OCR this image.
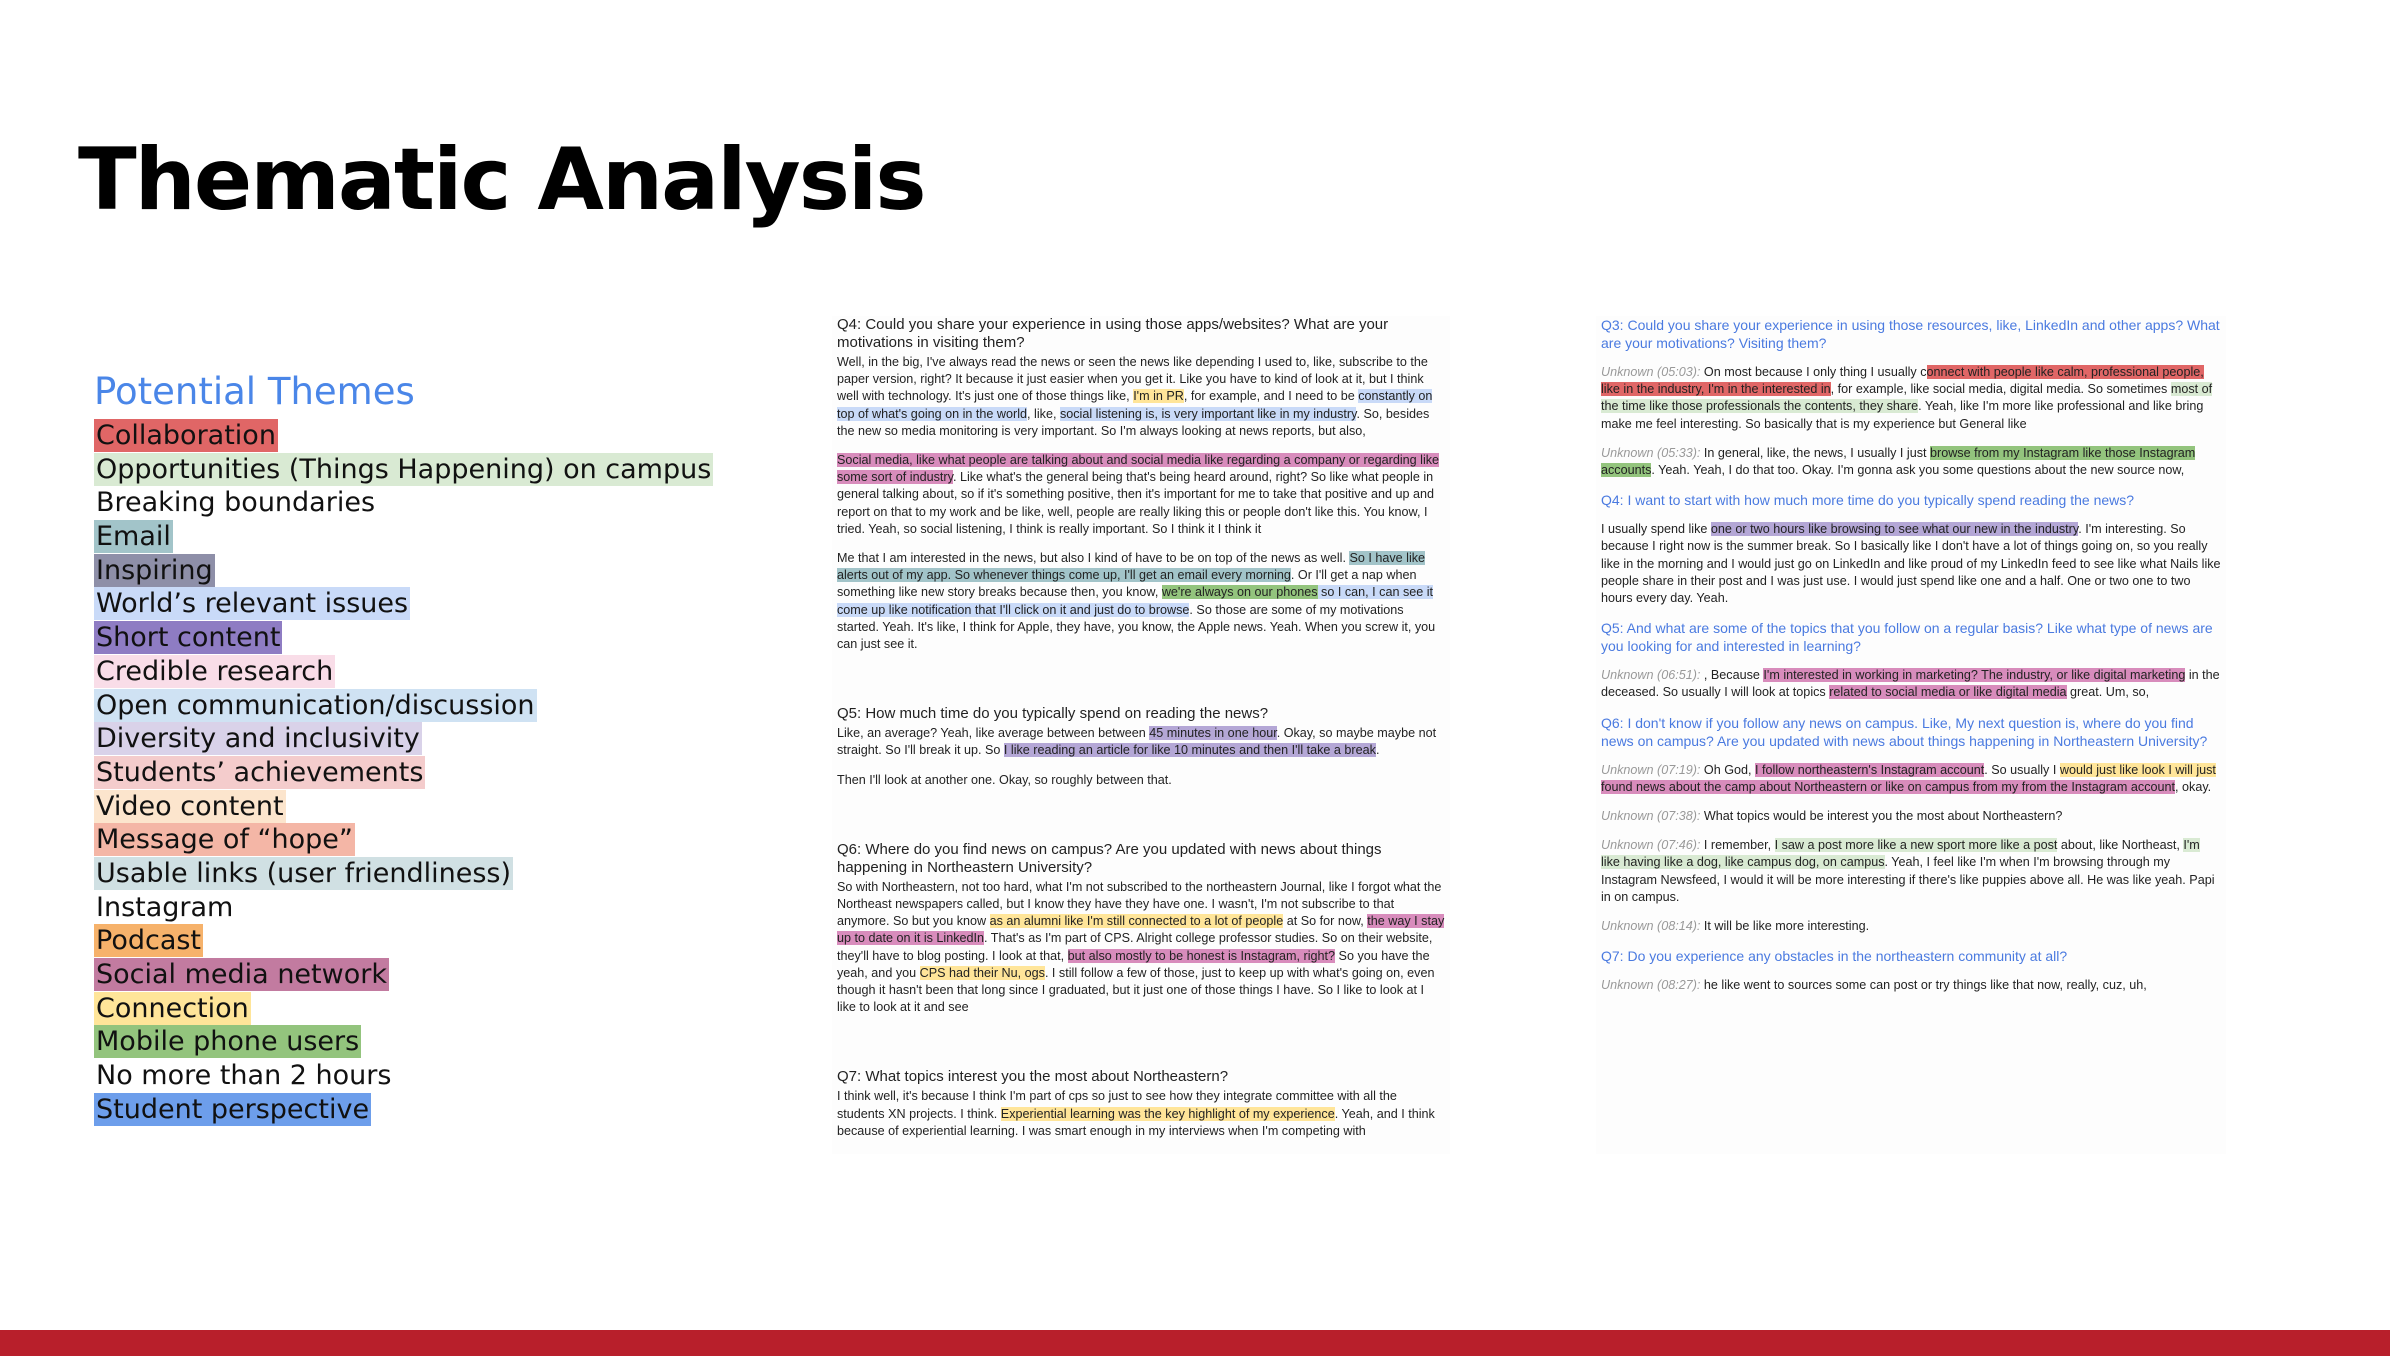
Thematic Analysis
Potential Themes
Collaboration
Opportunities (Things Happening) on campus
Breaking boundaries
Email
Inspiring
World’s relevant issues
Short content
Credible research
Open communication/discussion
Diversity and inclusivity
Students’ achievements
Video content
Message of “hope”
Usable links (user friendliness)
Instagram
Podcast
Social media network
Connection
Mobile phone users
No more than 2 hours
Student perspective
Q4: Could you share your experience in using those apps/websites? What are your motivations in visiting them?
Well, in the big, I've always read the news or seen the news like depending I used to, like, subscribe to the paper version, right? It because it just easier when you get it. Like you have to kind of look at it, but I think well with technology. It's just one of those things like, I'm in PR, for example, and I need to be constantly on top of what's going on in the world, like, social listening is, is very important like in my industry. So, besides the new so media monitoring is very important. So I'm always looking at news reports, but also,
Social media, like what people are talking about and social media like regarding a company or regarding like some sort of industry. Like what's the general being that's being heard around, right? So like what people in general talking about, so if it's something positive, then it's important for me to take that positive and up and report on that to my work and be like, well, people are really liking this or people don't like this. You know, I tried. Yeah, so social listening, I think is really important. So I think it I think it
Me that I am interested in the news, but also I kind of have to be on top of the news as well. So I have like alerts out of my app. So whenever things come up, I'll get an email every morning. Or I'll get a nap when something like new story breaks because then, you know, we're always on our phones so I can, I can see it come up like notification that I'll click on it and just do to browse. So those are some of my motivations started. Yeah. It's like, I think for Apple, they have, you know, the Apple news. Yeah. When you screw it, you can just see it.
Q5: How much time do you typically spend on reading the news?
Like, an average? Yeah, like average between between 45 minutes in one hour. Okay, so maybe maybe not straight. So I'll break it up. So I like reading an article for like 10 minutes and then I'll take a break.
Then I'll look at another one. Okay, so roughly between that.
Q6: Where do you find news on campus? Are you updated with news about things happening in Northeastern University?
So with Northeastern, not too hard, what I'm not subscribed to the northeastern Journal, like I forgot what the Northeast newspapers called, but I know they have they have one. I wasn't, I'm not subscribe to that anymore. So but you know as an alumni like I'm still connected to a lot of people at So for now, the way I stay up to date on it is LinkedIn. That's as I'm part of CPS. Alright college professor studies. So on their website, they'll have to blog posting. I look at that, but also mostly to be honest is Instagram, right? So you have the yeah, and you CPS had their Nu, ogs. I still follow a few of those, just to keep up with what's going on, even though it hasn't been that long since I graduated, but it just one of those things I have. So I like to look at I like to look at it and see
Q7: What topics interest you the most about Northeastern?
I think well, it's because I think I'm part of cps so just to see how they integrate committee with all the students XN projects. I think. Experiential learning was the key highlight of my experience. Yeah, and I think because of experiential learning. I was smart enough in my interviews when I'm competing with
Q3: Could you share your experience in using those resources, like, LinkedIn and other apps? What are your motivations? Visiting them?
Unknown (05:03): On most because I only thing I usually connect with people like calm, professional people, like in the industry, I'm in the interested in, for example, like social media, digital media. So sometimes most of the time like those professionals the contents, they share. Yeah, like I'm more like professional and like bring make me feel interesting. So basically that is my experience but General like
Unknown (05:33): In general, like, the news, I usually I just browse from my Instagram like those Instagram accounts. Yeah. Yeah, I do that too. Okay. I'm gonna ask you some questions about the new source now,
Q4: I want to start with how much more time do you typically spend reading the news?
I usually spend like one or two hours like browsing to see what our new in the industry. I'm interesting. So because I right now is the summer break. So I basically like I don't have a lot of things going on, so you really like in the morning and I would just go on LinkedIn and like proud of my LinkedIn feed to see like what Nails like people share in their post and I was just use. I would just spend like one and a half. One or two one to two hours every day. Yeah.
Q5: And what are some of the topics that you follow on a regular basis? Like what type of news are you looking for and interested in learning?
Unknown (06:51): , Because I'm interested in working in marketing? The industry, or like digital marketing in the deceased. So usually I will look at topics related to social media or like digital media great. Um, so,
Q6: I don't know if you follow any news on campus. Like, My next question is, where do you find news on campus? Are you updated with news about things happening in Northeastern University?
Unknown (07:19): Oh God, I follow northeastern's Instagram account. So usually I would just like look I will just found news about the camp about Northeastern or like on campus from my from the Instagram account, okay.
Unknown (07:38): What topics would be interest you the most about Northeastern?
Unknown (07:46): I remember, I saw a post more like a new sport more like a post about, like Northeast, I'm like having like a dog, like campus dog, on campus. Yeah, I feel like I'm when I'm browsing through my Instagram Newsfeed, I would it will be more interesting if there's like puppies above all. He was like yeah. Papi in on campus.
Unknown (08:14): It will be like more interesting.
Q7: Do you experience any obstacles in the northeastern community at all?
Unknown (08:27): he like went to sources some can post or try things like that now, really, cuz, uh,
